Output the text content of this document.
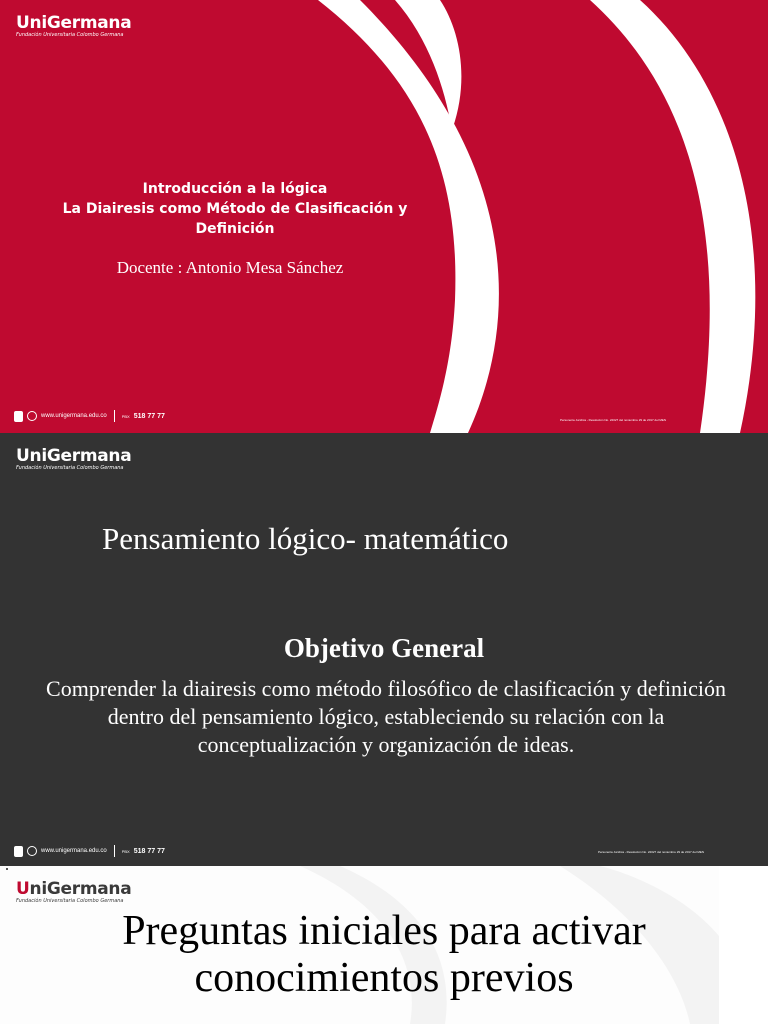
UniGermana
Fundación Universitaria Colombo Germana
Introducción a la lógica
La Diairesis como Método de Clasificación y Definición
Docente : Antonio Mesa Sánchez
www.unigermana.edu.co	PBX 518 77 77
Personería Jurídica - Resolución No. 22027 del noviembre 29 de 2017 del MEN
UniGermana
Fundación Universitaria Colombo Germana
Pensamiento lógico- matemático
Objetivo General
Comprender la diairesis como método filosófico de clasificación y definición dentro del pensamiento lógico, estableciendo su relación con la conceptualización y organización de ideas.
www.unigermana.edu.co	PBX 518 77 77	Personería Jurídica - Resolución No. 22027 del noviembre 29 de 2017 del MEN
UniGermana
Fundación Universitaria Colombo Germana
Preguntas iniciales para activar conocimientos previos
